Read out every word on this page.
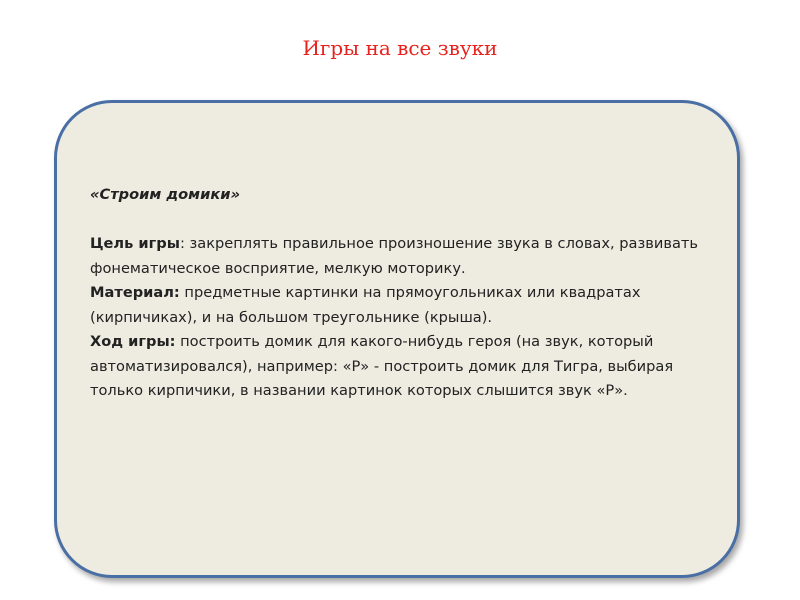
Игры на все звуки

«Строим домики»

Цель игры: закреплять правильное произношение звука в словах, развивать фонематическое восприятие, мелкую моторику.

Материал: предметные картинки на прямоугольниках или квадратах (кирпичиках), и на большом треугольнике (крыша).

Ход игры: построить домик для какого-нибудь героя (на звук, который автоматизировался), например: «Р» - построить домик для Тигра, выбирая только кирпичики, в названии картинок которых слышится звук «Р».
